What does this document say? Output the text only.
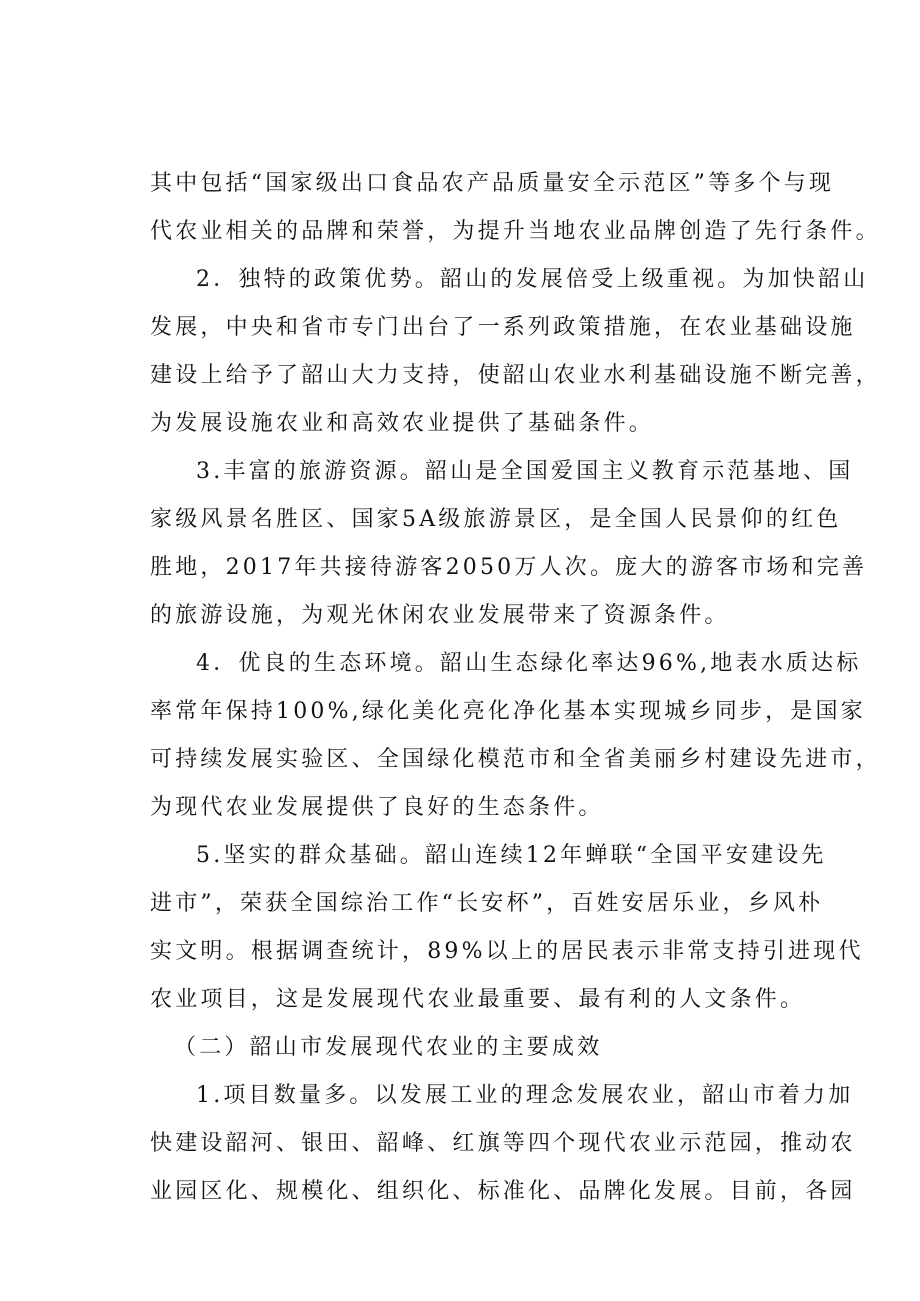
其中包括“国家级出口食品农产品质量安全示范区”等多个与现
代农业相关的品牌和荣誉，为提升当地农业品牌创造了先行条件。
2．独特的政策优势。韶山的发展倍受上级重视。为加快韶山
发展，中央和省市专门出台了一系列政策措施，在农业基础设施
建设上给予了韶山大力支持，使韶山农业水利基础设施不断完善，
为发展设施农业和高效农业提供了基础条件。
3.丰富的旅游资源。韶山是全国爱国主义教育示范基地、国
家级风景名胜区、国家5A级旅游景区，是全国人民景仰的红色
胜地，2017年共接待游客2050万人次。庞大的游客市场和完善
的旅游设施，为观光休闲农业发展带来了资源条件。
4．优良的生态环境。韶山生态绿化率达96%,地表水质达标
率常年保持100%,绿化美化亮化净化基本实现城乡同步，是国家
可持续发展实验区、全国绿化模范市和全省美丽乡村建设先进市，
为现代农业发展提供了良好的生态条件。
5.坚实的群众基础。韶山连续12年蝉联“全国平安建设先
进市”，荣获全国综治工作“长安杯”，百姓安居乐业，乡风朴
实文明。根据调查统计，89%以上的居民表示非常支持引进现代
农业项目，这是发展现代农业最重要、最有利的人文条件。
（二）韶山市发展现代农业的主要成效
1.项目数量多。以发展工业的理念发展农业，韶山市着力加
快建设韶河、银田、韶峰、红旗等四个现代农业示范园，推动农
业园区化、规模化、组织化、标准化、品牌化发展。目前，各园
